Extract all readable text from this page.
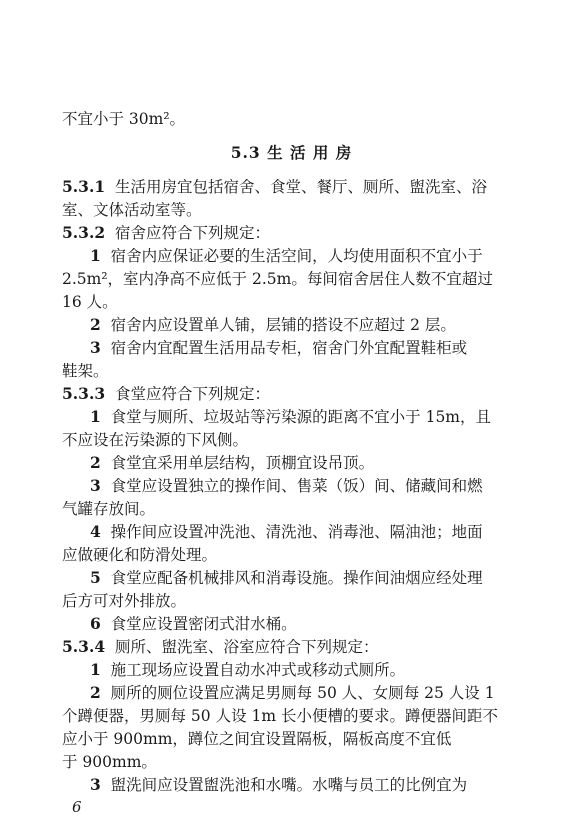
不宜小于 30m²。
5.3 生 活 用 房
5.3.1 生活用房宜包括宿舍、食堂、餐厅、厕所、盥洗室、浴
室、文体活动室等。
5.3.2 宿舍应符合下列规定：
1 宿舍内应保证必要的生活空间，人均使用面积不宜小于
2.5m²，室内净高不应低于 2.5m。每间宿舍居住人数不宜超过
16 人。
2 宿舍内应设置单人铺，层铺的搭设不应超过 2 层。
3 宿舍内宜配置生活用品专柜，宿舍门外宜配置鞋柜或
鞋架。
5.3.3 食堂应符合下列规定：
1 食堂与厕所、垃圾站等污染源的距离不宜小于 15m，且
不应设在污染源的下风侧。
2 食堂宜采用单层结构，顶棚宜设吊顶。
3 食堂应设置独立的操作间、售菜（饭）间、储藏间和燃
气罐存放间。
4 操作间应设置冲洗池、清洗池、消毒池、隔油池；地面
应做硬化和防滑处理。
5 食堂应配备机械排风和消毒设施。操作间油烟应经处理
后方可对外排放。
6 食堂应设置密闭式泔水桶。
5.3.4 厕所、盥洗室、浴室应符合下列规定：
1 施工现场应设置自动水冲式或移动式厕所。
2 厕所的厕位设置应满足男厕每 50 人、女厕每 25 人设 1
个蹲便器，男厕每 50 人设 1m 长小便槽的要求。蹲便器间距不
应小于 900mm，蹲位之间宜设置隔板，隔板高度不宜低
于 900mm。
3 盥洗间应设置盥洗池和水嘴。水嘴与员工的比例宜为
6
